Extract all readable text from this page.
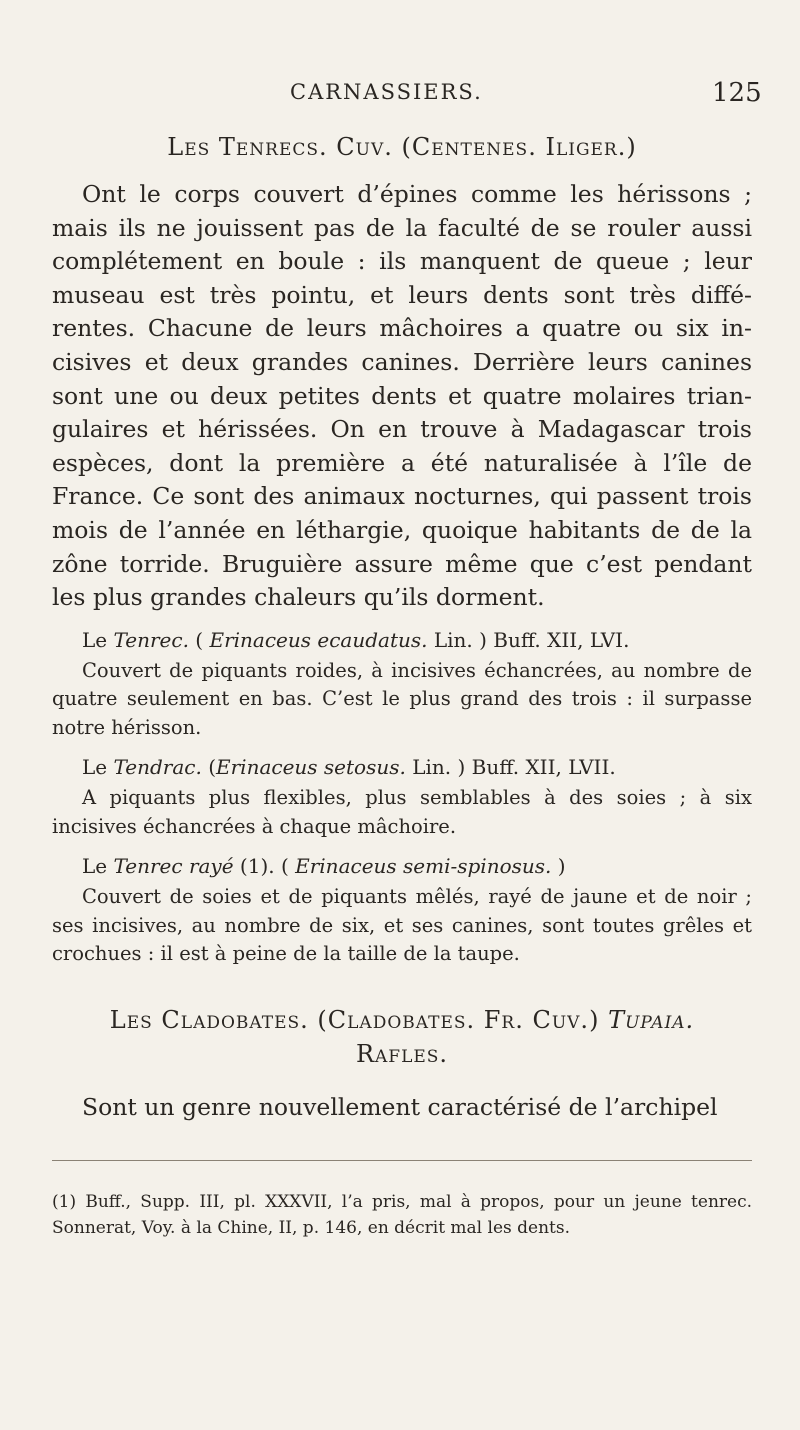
CARNASSIERS.	125

Les Tenrecs. Cuv. (Centenes. Iliger.)

Ont le corps couvert d’épines comme les hérissons ; mais ils ne jouissent pas de la faculté de se rouler aussi complétement en boule : ils manquent de queue ; leur museau est très pointu, et leurs dents sont très diffé- rentes. Chacune de leurs mâchoires a quatre ou six in- cisives et deux grandes canines. Derrière leurs canines sont une ou deux petites dents et quatre molaires trian- gulaires et hérissées. On en trouve à Madagascar trois espèces, dont la première a été naturalisée à l’île de France. Ce sont des animaux nocturnes, qui passent trois mois de l’année en léthargie, quoique habitants de de la zône torride. Bruguière assure même que c’est pendant les plus grandes chaleurs qu’ils dorment.

Le Tenrec. ( Erinaceus ecaudatus. Lin. ) Buff. XII, LVI.

Couvert de piquants roides, à incisives échancrées, au nombre de quatre seulement en bas. C’est le plus grand des trois : il surpasse notre hérisson.

Le Tendrac. (Erinaceus setosus. Lin. ) Buff. XII, LVII.

A piquants plus flexibles, plus semblables à des soies ; à six incisives échancrées à chaque mâchoire.

Le Tenrec rayé (1). ( Erinaceus semi-spinosus. )

Couvert de soies et de piquants mêlés, rayé de jaune et de noir ; ses incisives, au nombre de six, et ses canines, sont toutes grêles et crochues : il est à peine de la taille de la taupe.

Les Cladobates. (Cladobates. Fr. Cuv.) Tupaia.

Rafles.

Sont un genre nouvellement caractérisé de l’archipel

(1) Buff., Supp. III, pl. XXXVII, l’a pris, mal à propos, pour un jeune tenrec. Sonnerat, Voy. à la Chine, II, p. 146, en décrit mal les dents.
